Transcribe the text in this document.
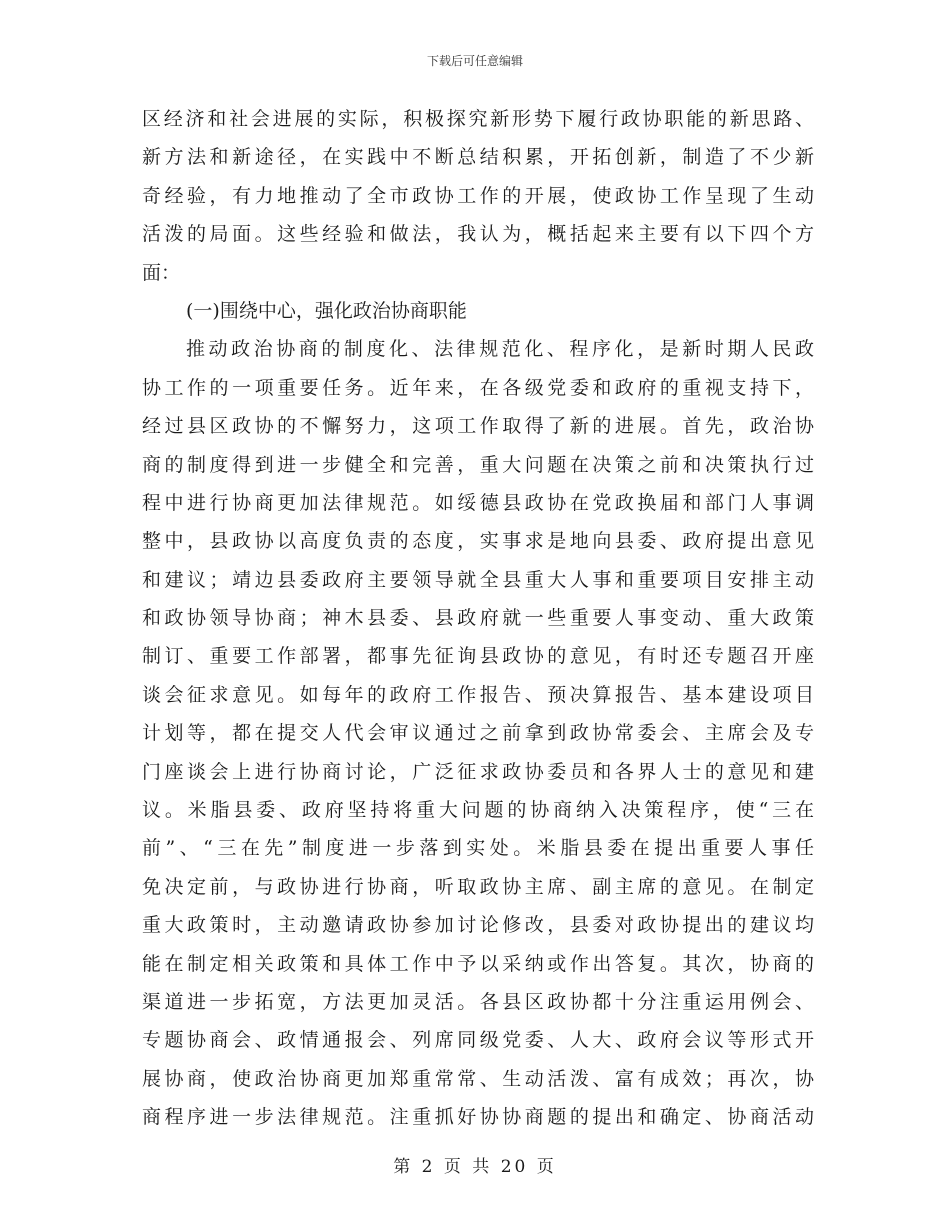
下载后可任意编辑
区经济和社会进展的实际，积极探究新形势下履行政协职能的新思路、
新方法和新途径，在实践中不断总结积累，开拓创新，制造了不少新
奇经验，有力地推动了全市政协工作的开展，使政协工作呈现了生动
活泼的局面。这些经验和做法，我认为，概括起来主要有以下四个方
面：
(一)围绕中心，强化政治协商职能
推动政治协商的制度化、法律规范化、程序化，是新时期人民政
协工作的一项重要任务。近年来，在各级党委和政府的重视支持下，
经过县区政协的不懈努力，这项工作取得了新的进展。首先，政治协
商的制度得到进一步健全和完善，重大问题在决策之前和决策执行过
程中进行协商更加法律规范。如绥德县政协在党政换届和部门人事调
整中，县政协以高度负责的态度，实事求是地向县委、政府提出意见
和建议；靖边县委政府主要领导就全县重大人事和重要项目安排主动
和政协领导协商；神木县委、县政府就一些重要人事变动、重大政策
制订、重要工作部署，都事先征询县政协的意见，有时还专题召开座
谈会征求意见。如每年的政府工作报告、预决算报告、基本建设项目
计划等，都在提交人代会审议通过之前拿到政协常委会、主席会及专
门座谈会上进行协商讨论，广泛征求政协委员和各界人士的意见和建
议。米脂县委、政府坚持将重大问题的协商纳入决策程序，使“三在
前”、“三在先”制度进一步落到实处。米脂县委在提出重要人事任
免决定前，与政协进行协商，听取政协主席、副主席的意见。在制定
重大政策时，主动邀请政协参加讨论修改，县委对政协提出的建议均
能在制定相关政策和具体工作中予以采纳或作出答复。其次，协商的
渠道进一步拓宽，方法更加灵活。各县区政协都十分注重运用例会、
专题协商会、政情通报会、列席同级党委、人大、政府会议等形式开
展协商，使政治协商更加郑重常常、生动活泼、富有成效；再次，协
商程序进一步法律规范。注重抓好协协商题的提出和确定、协商活动
第 2 页 共 20 页
